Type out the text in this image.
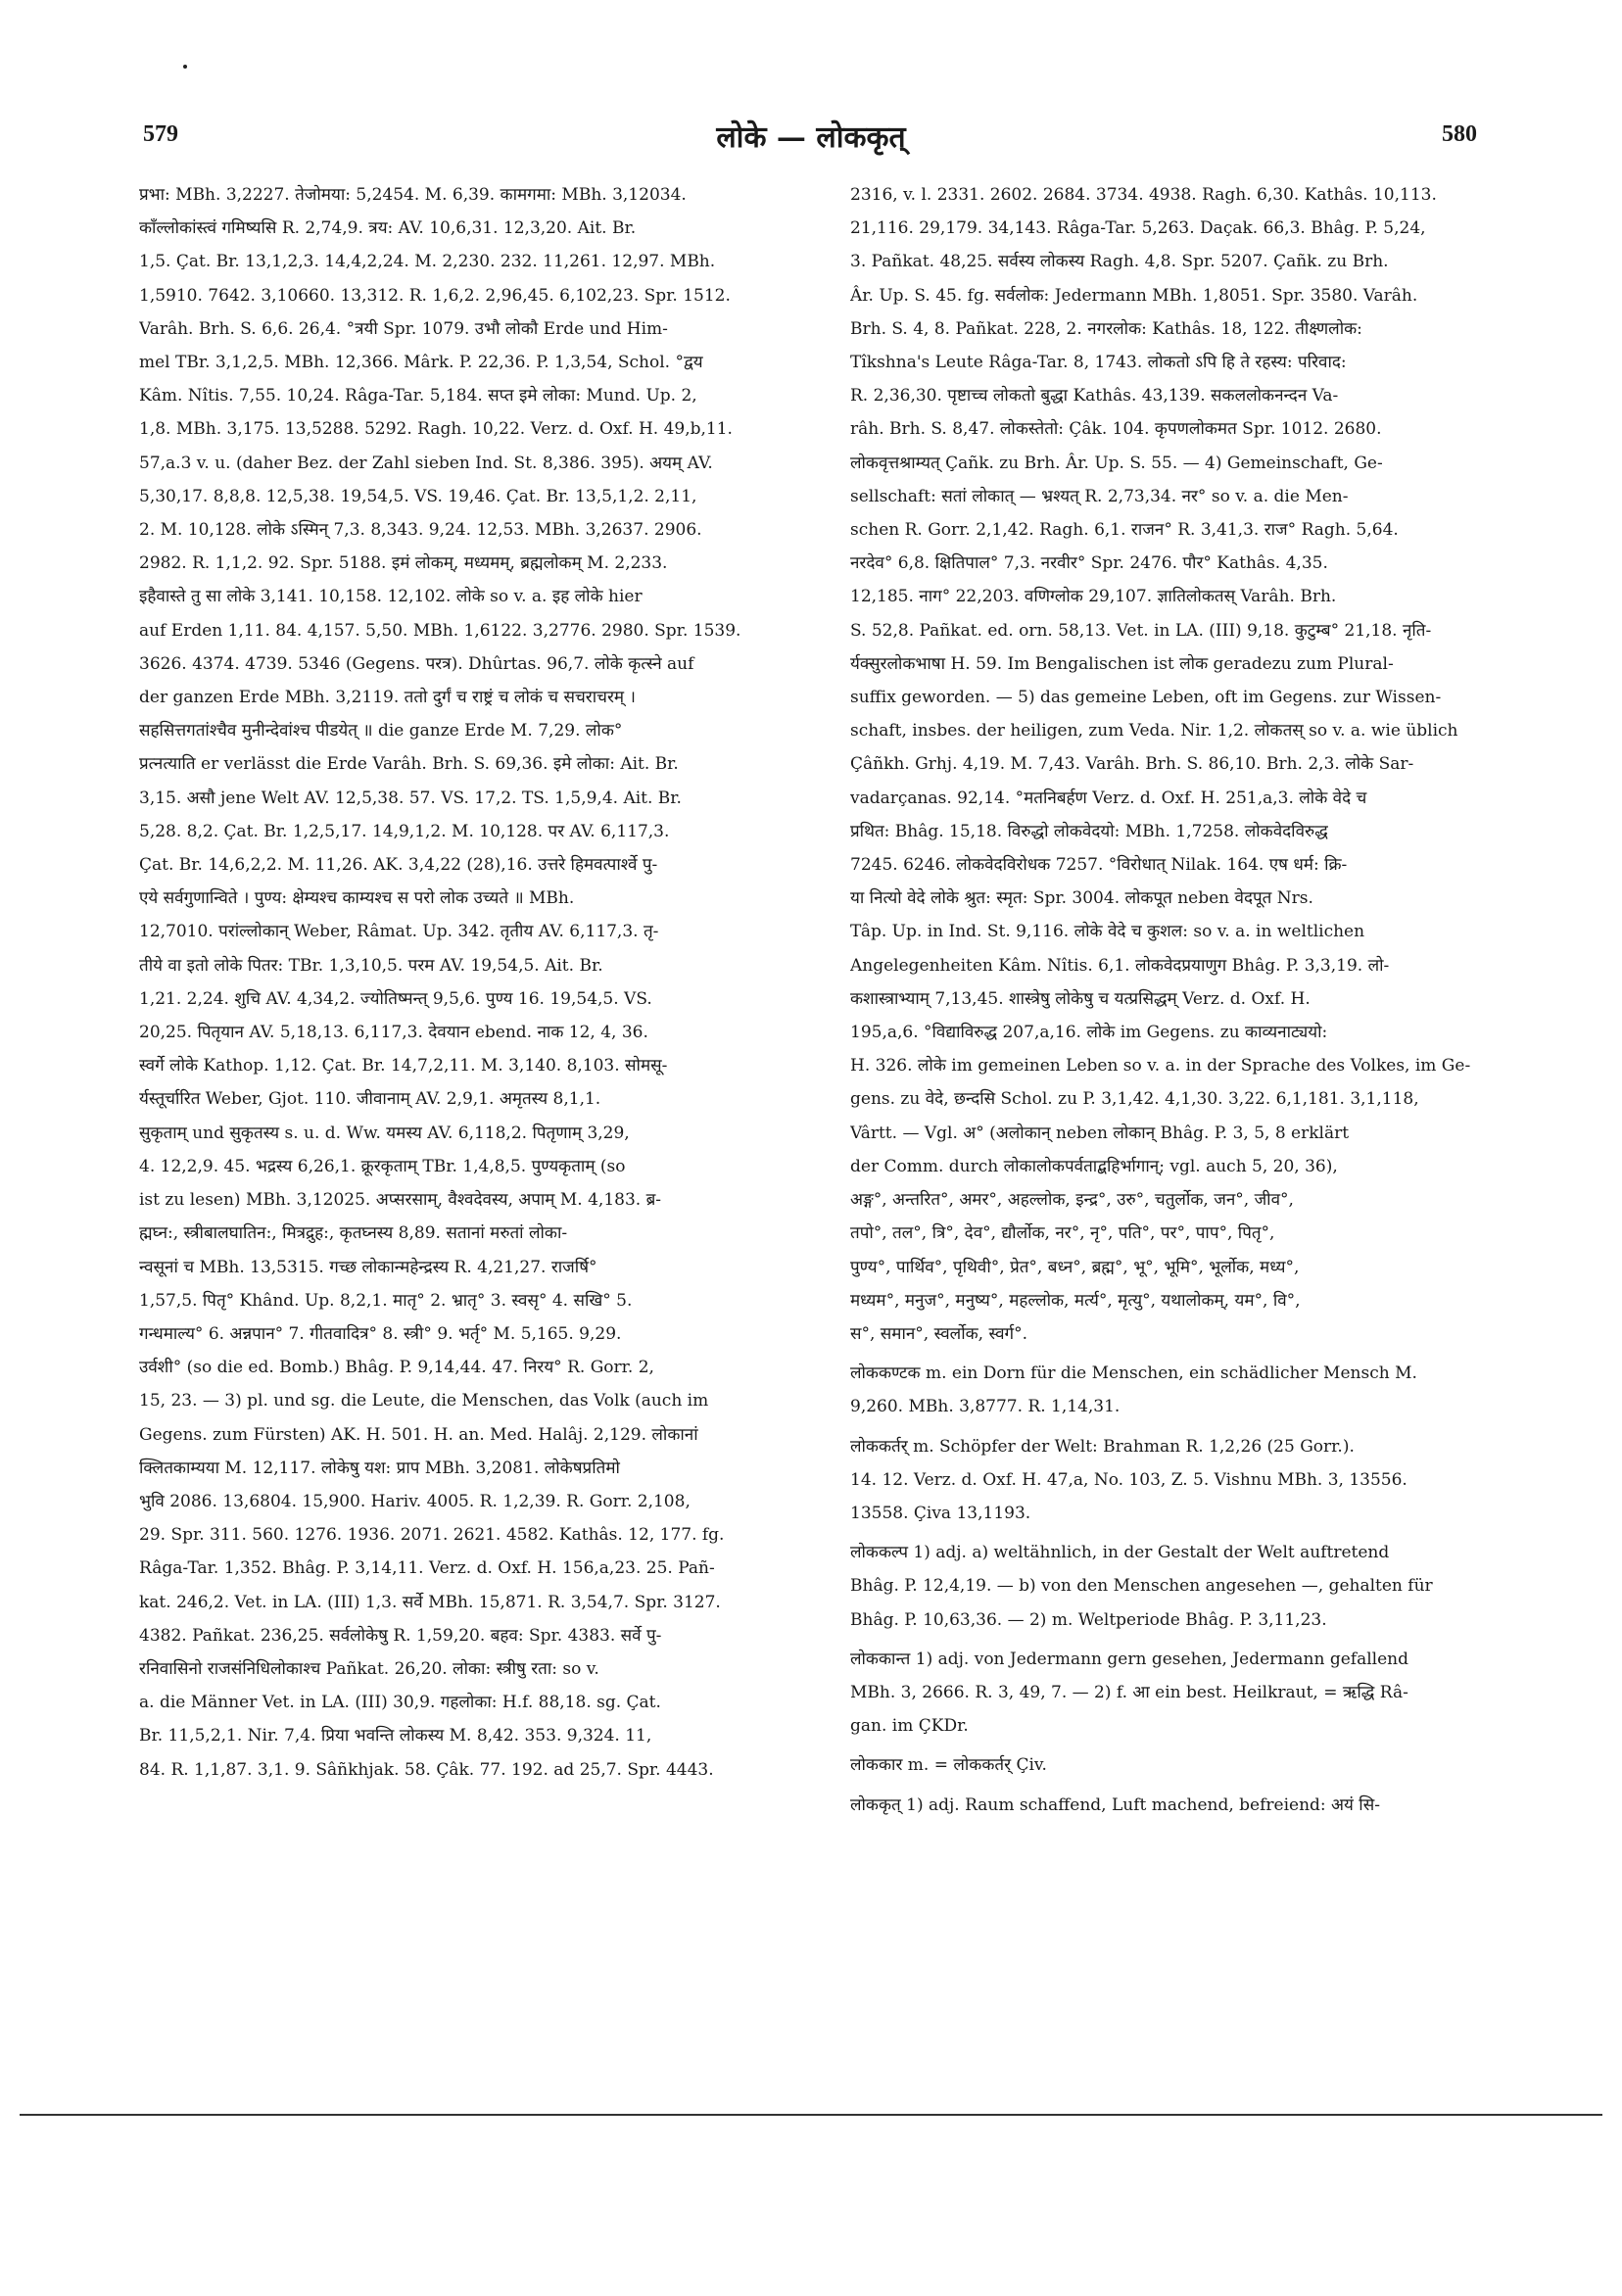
579	लोके — लोककृत्	580
प्रभा: MBh. 3,2227. तेजोमया: 5,2454. M. 6,39. कामगमा: MBh. 3,12034.
काँल्लोकांस्त्वं गमिष्यसि R. 2,74,9. त्रय: AV. 10,6,31. 12,3,20. Ait. Br.
1,5. Çat. Br. 13,1,2,3. 14,4,2,24. M. 2,230. 232. 11,261. 12,97. MBh.
1,5910. 7642. 3,10660. 13,312. R. 1,6,2. 2,96,45. 6,102,23. Spr. 1512.
Varâh. Brh. S. 6,6. 26,4. °त्रयी Spr. 1079. उभौ लोकौ Erde und Him-
mel TBr. 3,1,2,5. MBh. 12,366. Mârk. P. 22,36. P. 1,3,54, Schol. °द्वय
Kâm. Nîtis. 7,55. 10,24. Râga-Tar. 5,184. सप्त इमे लोका: Mund. Up. 2,
1,8. MBh. 3,175. 13,5288. 5292. Ragh. 10,22. Verz. d. Oxf. H. 49,b,11.
57,a.3 v. u. (daher Bez. der Zahl sieben Ind. St. 8,386. 395). अयम् AV.
5,30,17. 8,8,8. 12,5,38. 19,54,5. VS. 19,46. Çat. Br. 13,5,1,2. 2,11,
2. M. 10,128. लोके ऽस्मिन् 7,3. 8,343. 9,24. 12,53. MBh. 3,2637. 2906.
2982. R. 1,1,2. 92. Spr. 5188. इमं लोकम्, मध्यमम्, ब्रह्मलोकम् M. 2,233.
इहैवास्ते तु सा लोके 3,141. 10,158. 12,102. लोके so v. a. इह लोके hier
auf Erden 1,11. 84. 4,157. 5,50. MBh. 1,6122. 3,2776. 2980. Spr. 1539.
3626. 4374. 4739. 5346 (Gegens. परत्र). Dhûrtas. 96,7. लोके कृत्स्ने auf
der ganzen Erde MBh. 3,2119. ततो दुर्गं च राष्ट्रं च लोकं च सचराचरम् ।
सहसित्तगतांश्चैव मुनीन्देवांश्च पीडयेत् ॥ die ganze Erde M. 7,29. लोक°
प्रत्नत्याति er verlässt die Erde Varâh. Brh. S. 69,36. इमे लोका: Ait. Br.
3,15. असौ jene Welt AV. 12,5,38. 57. VS. 17,2. TS. 1,5,9,4. Ait. Br.
5,28. 8,2. Çat. Br. 1,2,5,17. 14,9,1,2. M. 10,128. पर AV. 6,117,3.
Çat. Br. 14,6,2,2. M. 11,26. AK. 3,4,22 (28),16. उत्तरे हिमवत्पार्श्वे पु-
एये सर्वगुणान्विते । पुण्य: क्षेम्यश्च काम्यश्च स परो लोक उच्यते ॥ MBh.
12,7010. परांल्लोकान् Weber, Râmat. Up. 342. तृतीय AV. 6,117,3. तृ-
तीये वा इतो लोके पितर: TBr. 1,3,10,5. परम AV. 19,54,5. Ait. Br.
1,21. 2,24. शुचि AV. 4,34,2. ज्योतिष्मन्त् 9,5,6. पुण्य 16. 19,54,5. VS.
20,25. पितृयान AV. 5,18,13. 6,117,3. देवयान ebend. नाक 12, 4, 36.
स्वर्गे लोके Kathop. 1,12. Çat. Br. 14,7,2,11. M. 3,140. 8,103. सोमसू-
र्यस्तूर्चारित Weber, Gjot. 110. जीवानाम् AV. 2,9,1. अमृतस्य 8,1,1.
सुकृताम् und सुकृतस्य s. u. d. Ww. यमस्य AV. 6,118,2. पितृणाम् 3,29,
4. 12,2,9. 45. भद्रस्य 6,26,1. क्रूरकृताम् TBr. 1,4,8,5. पुण्यकृताम् (so
ist zu lesen) MBh. 3,12025. अप्सरसाम्, वैश्वदेवस्य, अपाम् M. 4,183. ब्र-
ह्मघ्न:, स्त्रीबालघातिन:, मित्रद्रुह:, कृतघ्नस्य 8,89. सतानां मरुतां लोका-
न्वसूनां च MBh. 13,5315. गच्छ लोकान्महेन्द्रस्य R. 4,21,27. राजर्षि°
1,57,5. पितृ° Khând. Up. 8,2,1. मातृ° 2. भ्रातृ° 3. स्वसृ° 4. सखि° 5.
गन्धमाल्य° 6. अन्नपान° 7. गीतवादित्र° 8. स्त्री° 9. भर्तृ° M. 5,165. 9,29.
उर्वशी° (so die ed. Bomb.) Bhâg. P. 9,14,44. 47. निरय° R. Gorr. 2,
15, 23. — 3) pl. und sg. die Leute, die Menschen, das Volk (auch im
Gegens. zum Fürsten) AK. H. 501. H. an. Med. Halâj. 2,129. लोकानां
क्लितकाम्यया M. 12,117. लोकेषु यश: प्राप MBh. 3,2081. लोकेषप्रतिमो
भुवि 2086. 13,6804. 15,900. Hariv. 4005. R. 1,2,39. R. Gorr. 2,108,
29. Spr. 311. 560. 1276. 1936. 2071. 2621. 4582. Kathâs. 12, 177. fg.
Râga-Tar. 1,352. Bhâg. P. 3,14,11. Verz. d. Oxf. H. 156,a,23. 25. Pañ-
kat. 246,2. Vet. in LA. (III) 1,3. सर्वे MBh. 15,871. R. 3,54,7. Spr. 3127.
4382. Pañkat. 236,25. सर्वलोकेषु R. 1,59,20. बहव: Spr. 4383. सर्वे पु-
रनिवासिनो राजसंनिधिलोकाश्च Pañkat. 26,20. लोका: स्त्रीषु रता: so v.
a. die Männer Vet. in LA. (III) 30,9. गहलोका: H.f. 88,18. sg. Çat.
Br. 11,5,2,1. Nir. 7,4. प्रिया भवन्ति लोकस्य M. 8,42. 353. 9,324. 11,
84. R. 1,1,87. 3,1. 9. Sâñkhjak. 58. Çâk. 77. 192. ad 25,7. Spr. 4443.
2316, v. l. 2331. 2602. 2684. 3734. 4938. Ragh. 6,30. Kathâs. 10,113.
21,116. 29,179. 34,143. Râga-Tar. 5,263. Daçak. 66,3. Bhâg. P. 5,24,
3. Pañkat. 48,25. सर्वस्य लोकस्य Ragh. 4,8. Spr. 5207. Çañk. zu Brh.
Âr. Up. S. 45. fg. सर्वलोक: Jedermann MBh. 1,8051. Spr. 3580. Varâh.
Brh. S. 4, 8. Pañkat. 228, 2. नगरलोक: Kathâs. 18, 122. तीक्ष्णलोक:
Tîkshna's Leute Râga-Tar. 8, 1743. लोकतो ऽपि हि ते रहस्य: परिवाद:
R. 2,36,30. पृष्टाच्च लोकतो बुद्धा Kathâs. 43,139. सकललोकनन्दन Va-
râh. Brh. S. 8,47. लोकस्तेतो: Çâk. 104. कृपणलोकमत Spr. 1012. 2680.
लोकवृत्तश्राम्यत् Çañk. zu Brh. Âr. Up. S. 55. — 4) Gemeinschaft, Ge-
sellschaft: सतां लोकात् — भ्रश्यत् R. 2,73,34. नर° so v. a. die Men-
schen R. Gorr. 2,1,42. Ragh. 6,1. राजन° R. 3,41,3. राज° Ragh. 5,64.
नरदेव° 6,8. क्षितिपाल° 7,3. नरवीर° Spr. 2476. पौर° Kathâs. 4,35.
12,185. नाग° 22,203. वणिग्लोक 29,107. ज्ञातिलोकतस् Varâh. Brh.
S. 52,8. Pañkat. ed. orn. 58,13. Vet. in LA. (III) 9,18. कुटुम्ब° 21,18. नृति-
र्यक्सुरलोकभाषा H. 59. Im Bengalischen ist लोक geradezu zum Plural-
suffix geworden. — 5) das gemeine Leben, oft im Gegens. zur Wissen-
schaft, insbes. der heiligen, zum Veda. Nir. 1,2. लोकतस् so v. a. wie üblich
Çâñkh. Grhj. 4,19. M. 7,43. Varâh. Brh. S. 86,10. Brh. 2,3. लोके Sar-
vadarçanas. 92,14. °मतनिबर्हण Verz. d. Oxf. H. 251,a,3. लोके वेदे च
प्रथित: Bhâg. 15,18. विरुद्धो लोकवेदयो: MBh. 1,7258. लोकवेदविरुद्ध
7245. 6246. लोकवेदविरोधक 7257. °विरोधात् Nilak. 164. एष धर्म: क्रि-
या नित्यो वेदे लोके श्रुत: स्मृत: Spr. 3004. लोकपूत neben वेदपूत Nrs.
Tâp. Up. in Ind. St. 9,116. लोके वेदे च कुशल: so v. a. in weltlichen
Angelegenheiten Kâm. Nîtis. 6,1. लोकवेदप्रयाणुग Bhâg. P. 3,3,19. लो-
कशास्त्राभ्याम् 7,13,45. शास्त्रेषु लोकेषु च यत्प्रसिद्धम् Verz. d. Oxf. H.
195,a,6. °विद्याविरुद्ध 207,a,16. लोके im Gegens. zu काव्यनाट्ययो:
H. 326. लोके im gemeinen Leben so v. a. in der Sprache des Volkes, im Ge-
gens. zu वेदे, छन्दसि Schol. zu P. 3,1,42. 4,1,30. 3,22. 6,1,181. 3,1,118,
Vârtt. — Vgl. अ° (अलोकान् neben लोकान् Bhâg. P. 3, 5, 8 erklärt
der Comm. durch लोकालोकपर्वताद्बहिर्भागान्; vgl. auch 5, 20, 36),
अङ्ग°, अन्तरित°, अमर°, अहल्लोक, इन्द्र°, उरु°, चतुर्लोक, जन°, जीव°,
तपो°, तल°, त्रि°, देव°, द्यौर्लोक, नर°, नृ°, पति°, पर°, पाप°, पितृ°,
पुण्य°, पार्थिव°, पृथिवी°, प्रेत°, बध्न°, ब्रह्म°, भू°, भूमि°, भूर्लोक, मध्य°,
मध्यम°, मनुज°, मनुष्य°, महल्लोक, मर्त्य°, मृत्यु°, यथालोकम्, यम°, वि°,
स°, समान°, स्वर्लोक, स्वर्ग°.
लोककण्टक m. ein Dorn für die Menschen, ein schädlicher Mensch M.
9,260. MBh. 3,8777. R. 1,14,31.
लोककर्तर् m. Schöpfer der Welt: Brahman R. 1,2,26 (25 Gorr.).
14. 12. Verz. d. Oxf. H. 47,a, No. 103, Z. 5. Vishnu MBh. 3, 13556.
13558. Çiva 13,1193.
लोककल्प 1) adj. a) weltähnlich, in der Gestalt der Welt auftretend
Bhâg. P. 12,4,19. — b) von den Menschen angesehen —, gehalten für
Bhâg. P. 10,63,36. — 2) m. Weltperiode Bhâg. P. 3,11,23.
लोककान्त 1) adj. von Jedermann gern gesehen, Jedermann gefallend
MBh. 3, 2666. R. 3, 49, 7. — 2) f. आ ein best. Heilkraut, = ऋद्धि Râ-
gan. im ÇKDr.
लोककार m. = लोककर्तर् Çiv.
लोककृत् 1) adj. Raum schaffend, Luft machend, befreiend: अयं सि-
